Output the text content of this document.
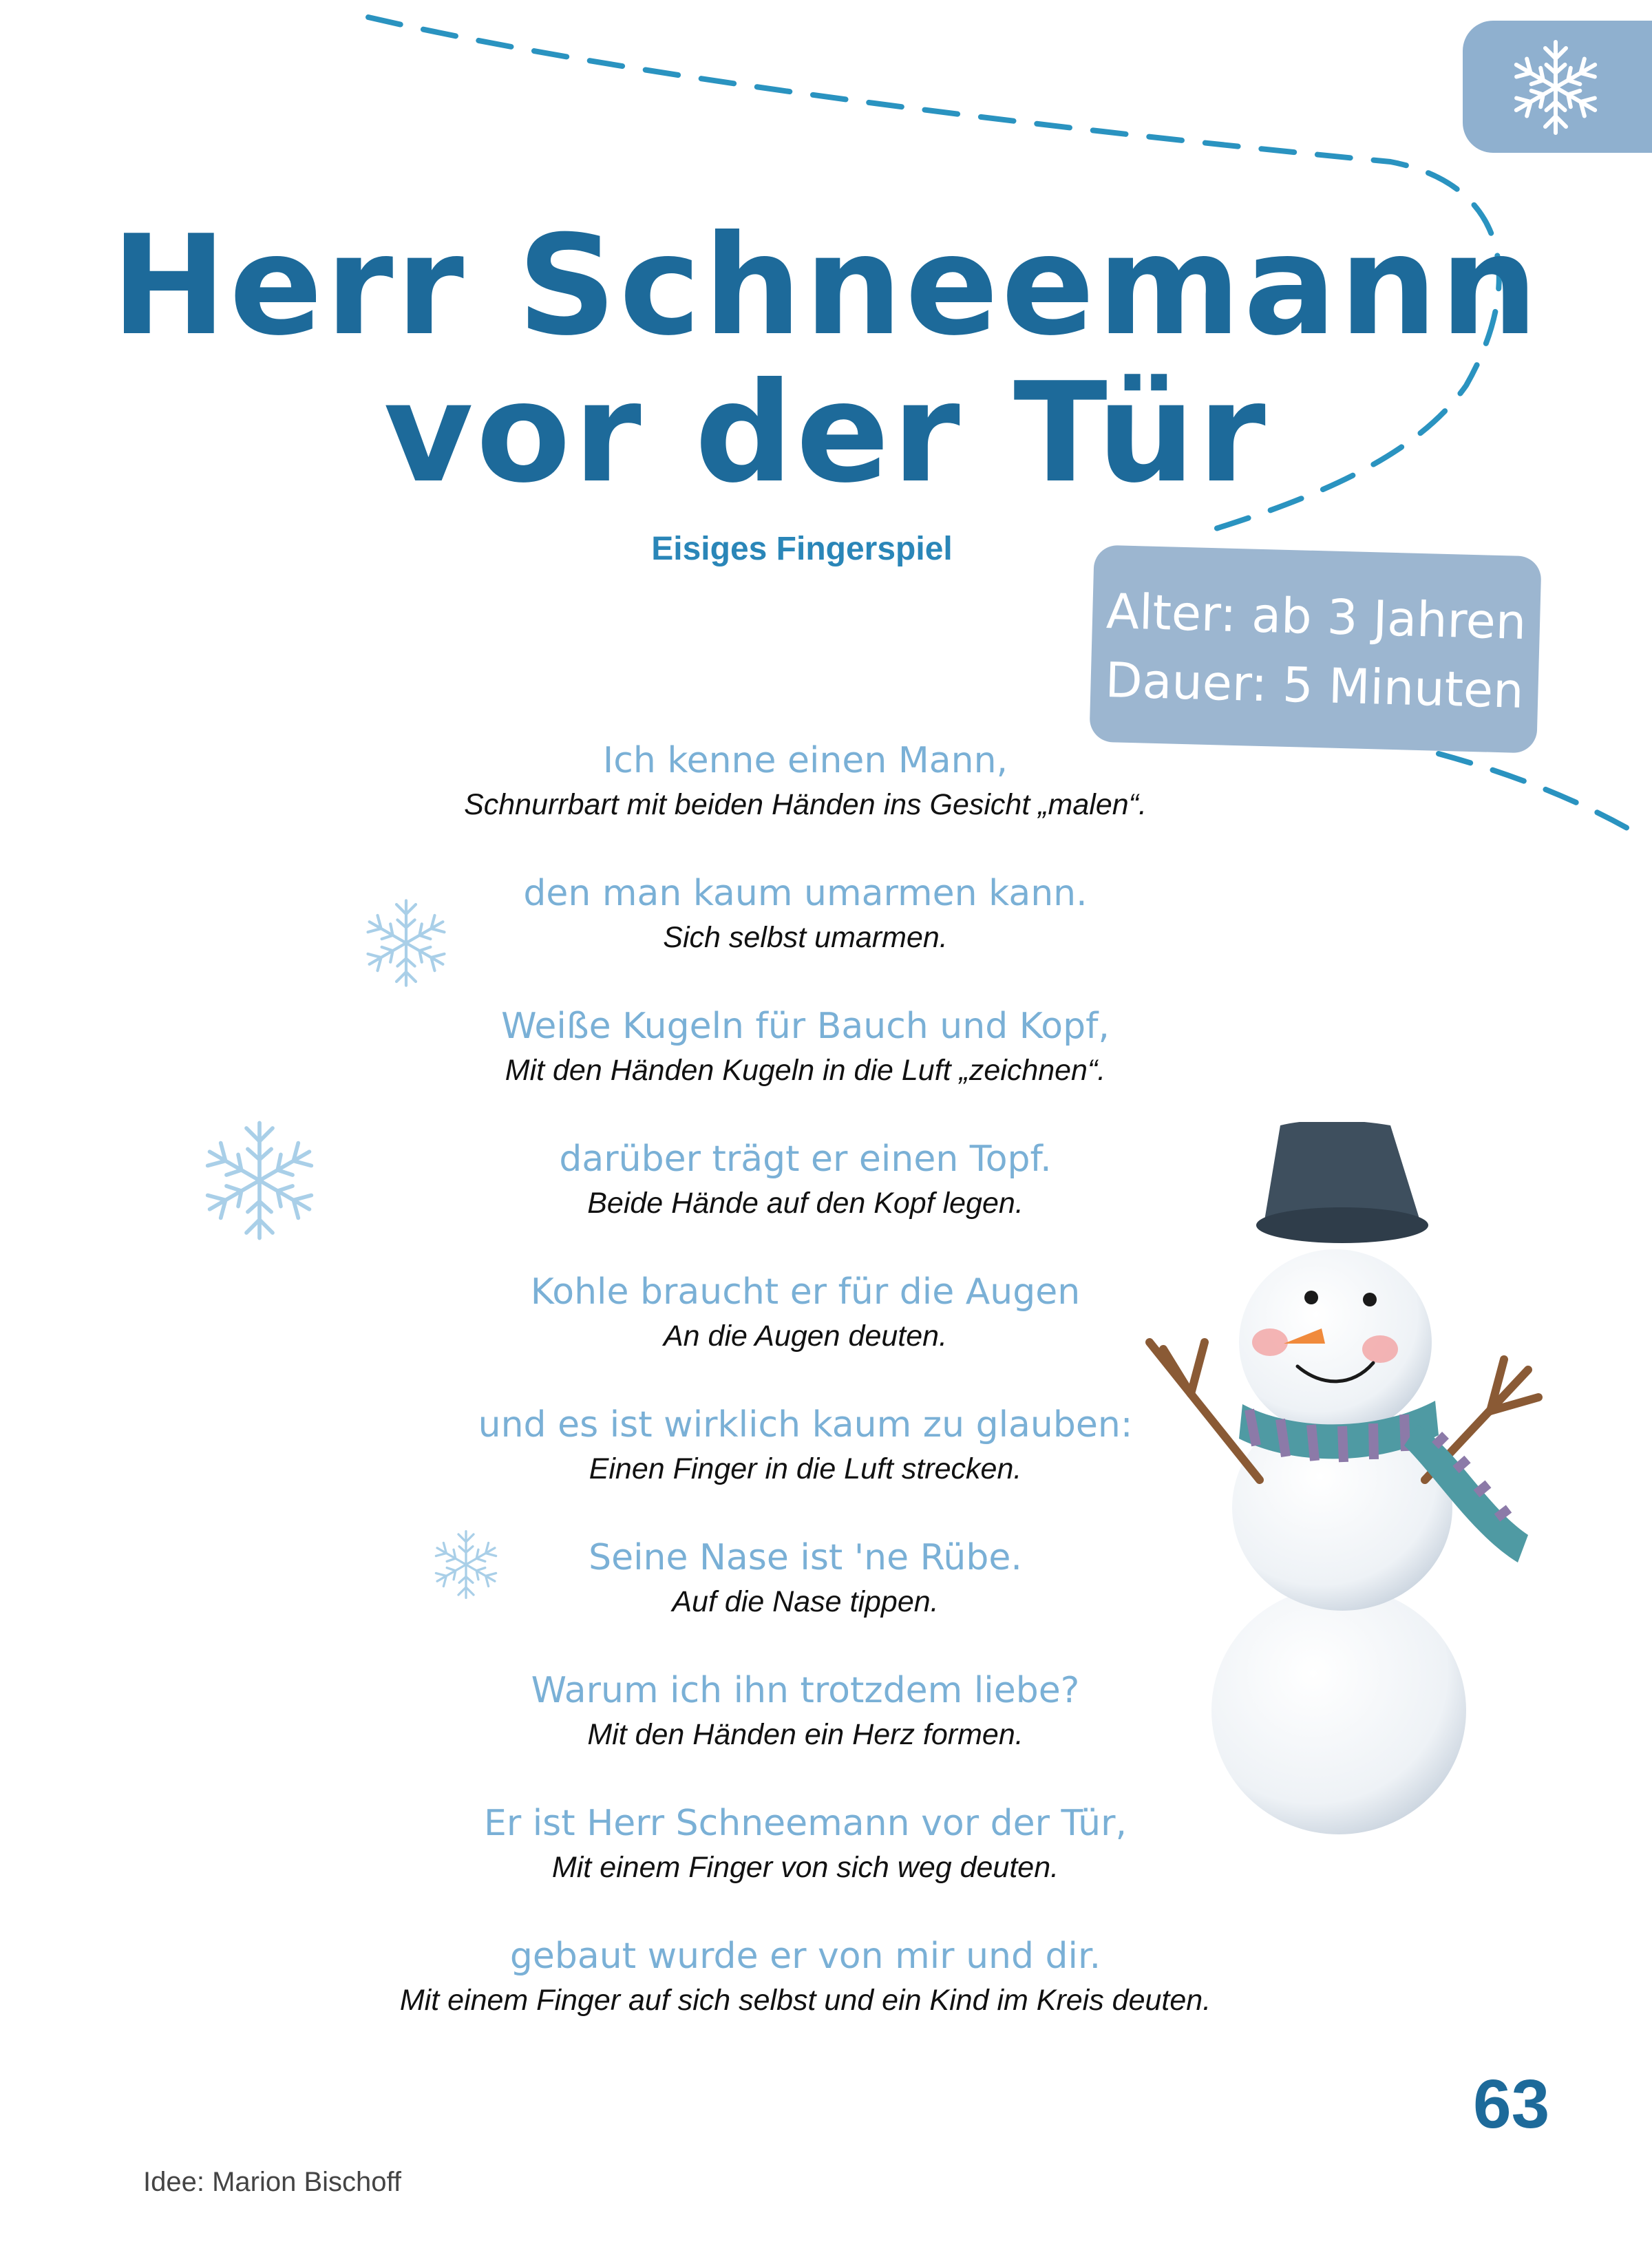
Herr Schneemann
vor der Tür

Eisiges Fingerspiel

Alter: ab 3 Jahren
Dauer: 5 Minuten

Ich kenne einen Mann,

Schnurrbart mit beiden Händen ins Gesicht „malen“.

den man kaum umarmen kann.

Sich selbst umarmen.

Weiße Kugeln für Bauch und Kopf,

Mit den Händen Kugeln in die Luft „zeichnen“.

darüber trägt er einen Topf.

Beide Hände auf den Kopf legen.

Kohle braucht er für die Augen

An die Augen deuten.

und es ist wirklich kaum zu glauben:

Einen Finger in die Luft strecken.

Seine Nase ist 'ne Rübe.

Auf die Nase tippen.

Warum ich ihn trotzdem liebe?

Mit den Händen ein Herz formen.

Er ist Herr Schneemann vor der Tür,

Mit einem Finger von sich weg deuten.

gebaut wurde er von mir und dir.

Mit einem Finger auf sich selbst und ein Kind im Kreis deuten.

63
Idee: Marion Bischoff
